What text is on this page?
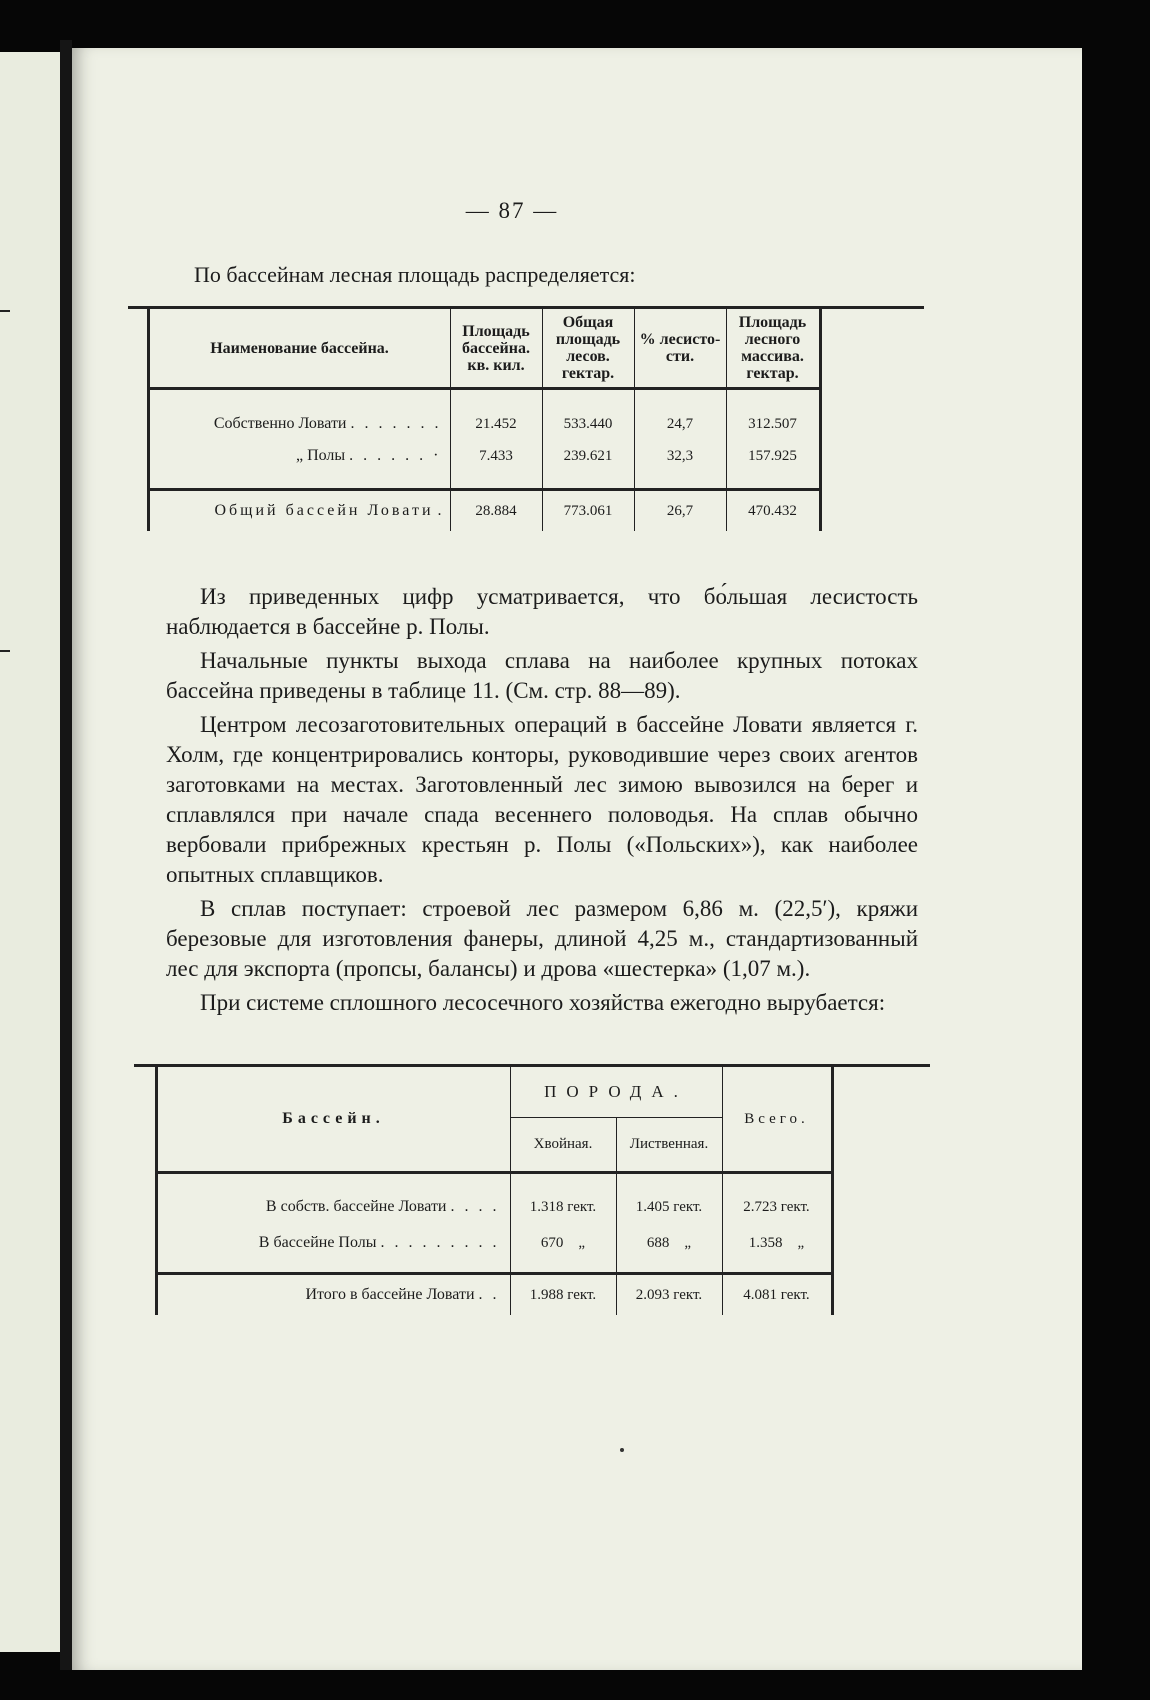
— 87 —
По бассейнам лесная площадь распределяется:
	Наименование бассейна.	Площадь бассейна. кв. кил.	Общая площадь лесов. гектар.	% лесисто-сти.	Площадь лесного массива. гектар.	

	Собственно Ловати . . . . . . .	21.452	533.440	24,7	312.507	
	„ Полы . . . . . . ·	7.433	239.621	32,3	157.925	

	Общий бассейн Ловати .	28.884	773.061	26,7	470.432	

Из приведенных цифр усматривается, что бо́льшая лесистость наблюдается в бассейне р. Полы.

Начальные пункты выхода сплава на наиболее крупных потоках бассейна приведены в таблице 11. (См. стр. 88—89).

Центром лесозаготовительных операций в бассейне Ловати является г. Холм, где концентрировались конторы, руководившие через своих агентов заготовками на местах. Заготовленный лес зимою вывозился на берег и сплавлялся при начале спада весеннего половодья. На сплав обычно вербовали прибрежных крестьян р. Полы («Польских»), как наиболее опытных сплавщиков.

В сплав поступает: строевой лес размером 6,86 м. (22,5′), кряжи березовые для изготовления фанеры, длиной 4,25 м., стандартизованный лес для экспорта (пропсы, балансы) и дрова «шестерка» (1,07 м.).

При системе сплошного лесосечного хозяйства ежегодно вырубается:

	Бассейн.	ПОРОДА.		Всего.	
		Хвойная.	Лиственная.		

	В собств. бассейне Ловати . . . .	1.318 гект.	1.405 гект.	2.723 гект.	
	В бассейне Полы . . . . . . . . .	670    „	688    „	1.358    „	

	Итого в бассейне Ловати . .	1.988 гект.	2.093 гект.	4.081 гект.	
